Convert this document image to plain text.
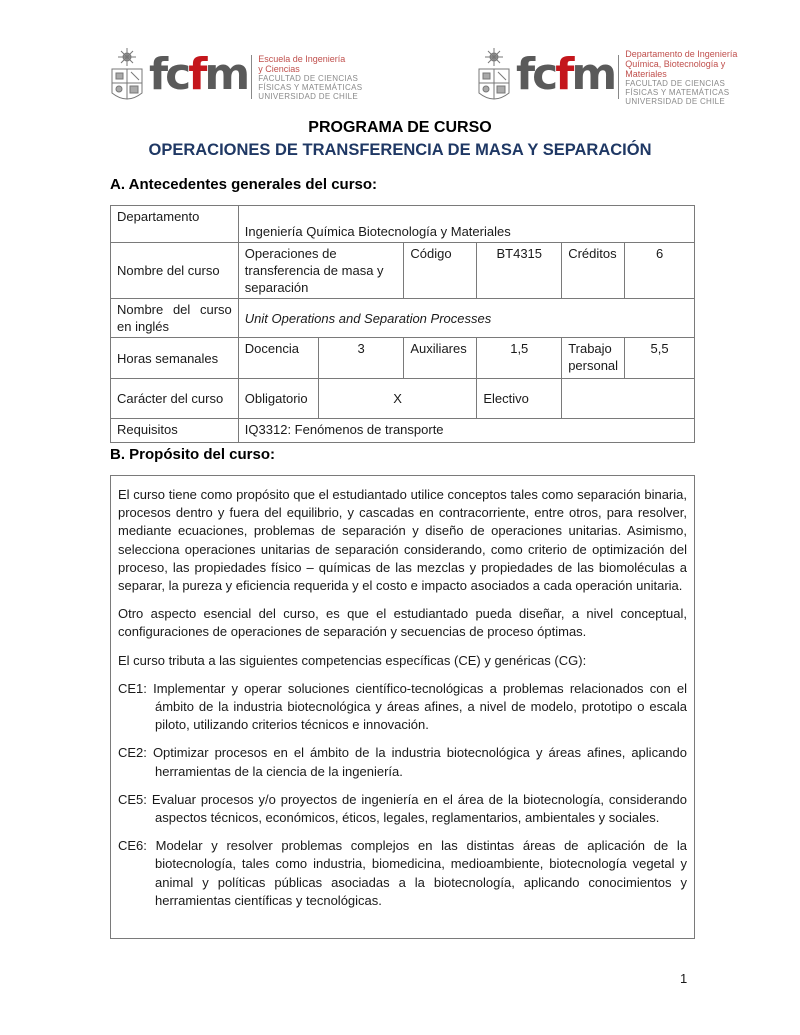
fcfm Escuela de Ingeniería
y Ciencias
FACULTAD DE CIENCIAS
FÍSICAS Y MATEMÁTICAS
UNIVERSIDAD DE CHILE	fcfm Departamento de Ingeniería
Química, Biotecnología y
Materiales
FACULTAD DE CIENCIAS
FÍSICAS Y MATEMÁTICAS
UNIVERSIDAD DE CHILE
PROGRAMA DE CURSO
OPERACIONES DE TRANSFERENCIA DE MASA Y SEPARACIÓN
A. Antecedentes generales del curso:
Departamento	Ingeniería Química Biotecnología y Materiales					
Nombre del curso	Operaciones de transferencia de masa y separación		Código	BT4315	Créditos	6
Nombre del curso en inglés	Unit Operations and Separation Processes					
Horas semanales	Docencia	3	Auxiliares	1,5	Trabajo personal	5,5
Carácter del curso	Obligatorio	X		Electivo		
Requisitos	IQ3312: Fenómenos de transporte					
B. Propósito del curso:

El curso tiene como propósito que el estudiantado utilice conceptos tales como separación binaria, procesos dentro y fuera del equilibrio, y cascadas en contracorriente, entre otros, para resolver, mediante ecuaciones, problemas de separación y diseño de operaciones unitarias. Asimismo, selecciona operaciones unitarias de separación considerando, como criterio de optimización del proceso, las propiedades físico – químicas de las mezclas y propiedades de las biomoléculas a separar, la pureza y eficiencia requerida y el costo e impacto asociados a cada operación unitaria.

Otro aspecto esencial del curso, es que el estudiantado pueda diseñar, a nivel conceptual, configuraciones de operaciones de separación y secuencias de proceso óptimas.

El curso tributa a las siguientes competencias específicas (CE) y genéricas (CG):

CE1: Implementar y operar soluciones científico-tecnológicas a problemas relacionados con el ámbito de la industria biotecnológica y áreas afines, a nivel de modelo, prototipo o escala piloto, utilizando criterios técnicos e innovación.
CE2: Optimizar procesos en el ámbito de la industria biotecnológica y áreas afines, aplicando herramientas de la ciencia de la ingeniería.
CE5: Evaluar procesos y/o proyectos de ingeniería en el área de la biotecnología, considerando aspectos técnicos, económicos, éticos, legales, reglamentarios, ambientales y sociales.
CE6: Modelar y resolver problemas complejos en las distintas áreas de aplicación de la biotecnología, tales como industria, biomedicina, medioambiente, biotecnología vegetal y animal y políticas públicas asociadas a la biotecnología, aplicando conocimientos y herramientas científicas y tecnológicas.
1
